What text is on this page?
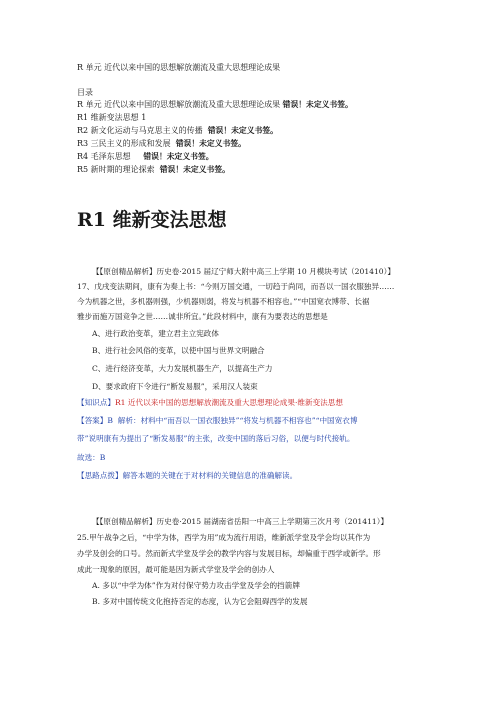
R 单元 近代以来中国的思想解放潮流及重大思想理论成果
目录
R 单元 近代以来中国的思想解放潮流及重大思想理论成果 错误！未定义书签。
R1 维新变法思想 1
R2 新文化运动与马克思主义的传播 错误！未定义书签。
R3 三民主义的形成和发展 错误！未定义书签。
R4 毛泽东思想 错误！未定义书签。
R5 新时期的理论探索 错误！未定义书签。
R1 维新变法思想
【【原创精品解析】历史卷·2015 届辽宁师大附中高三上学期 10 月模块考试（201410）】
17、戊戌变法期间，康有为奏上书：“今则万国交通，一切趋于尚同，而吾以一国衣服独异……
今为机器之世，多机器则强，少机器则弱，将发与机器不相容也。”“中国宽衣博带、长裾
雅步而施万国竞争之世……诚非所宜。”此段材料中，康有为要表达的思想是
A、进行政治变革，建立君主立宪政体
B、进行社会风俗的变革，以使中国与世界文明融合
C、进行经济变革，大力发展机器生产，以提高生产力
D、要求政府下令进行“断发易服”，采用汉人装束
【知识点】R1 近代以来中国的思想解放潮流及重大思想理论成果·维新变法思想
【答案】B 解析：材料中“而吾以一国衣服独异”“将发与机器不相容也”“中国宽衣博
带”说明康有为提出了“断发易服”的主张，改变中国的落后习俗，以便与时代接轨。
故选：B
【思路点拨】解答本题的关键在于对材料的关键信息的准确解读。
【【原创精品解析】历史卷·2015 届湖南省岳阳一中高三上学期第三次月考（201411）】
25.甲午战争之后，“中学为体，西学为用”成为流行用语，维新派学堂及学会均以其作为
办学及创会的口号。然而新式学堂及学会的教学内容与发展目标，却偏重于西学或新学。形
成此一现象的原因，最可能是因为新式学堂及学会的创办人
A. 多以“中学为体”作为对付保守势力攻击学堂及学会的挡箭牌
B. 多对中国传统文化抱持否定的态度，认为它会阻碍西学的发展
